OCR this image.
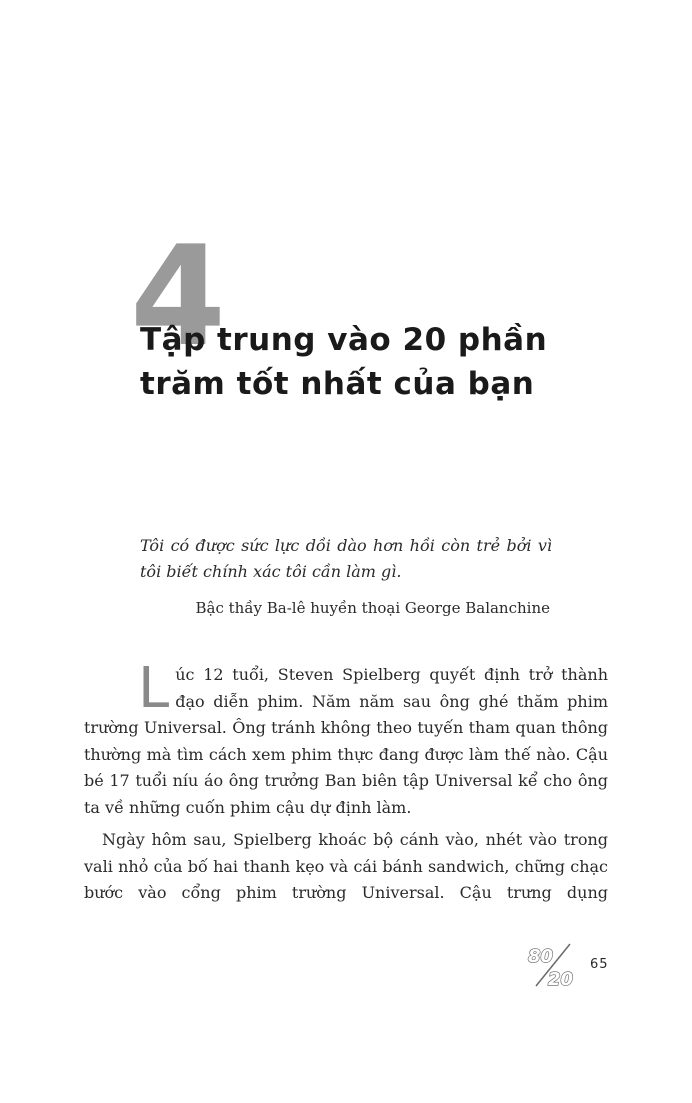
4
Tập trung vào 20 phần trăm tốt nhất của bạn

Tôi có được sức lực dồi dào hơn hồi còn trẻ bởi vì tôi biết chính xác tôi cần làm gì.

Bậc thầy Ba-lê huyền thoại George Balanchine

Lúc 12 tuổi, Steven Spielberg quyết định trở thành đạo diễn phim. Năm năm sau ông ghé thăm phim trường Universal. Ông tránh không theo tuyến tham quan thông thường mà tìm cách xem phim thực đang được làm thế nào. Cậu bé 17 tuổi níu áo ông trưởng Ban biên tập Universal kể cho ông ta về những cuốn phim cậu dự định làm.

Ngày hôm sau, Spielberg khoác bộ cánh vào, nhét vào trong vali nhỏ của bố hai thanh kẹo và cái bánh sandwich, chững chạc bước vào cổng phim trường Universal. Cậu trưng dụng

80
20
65
